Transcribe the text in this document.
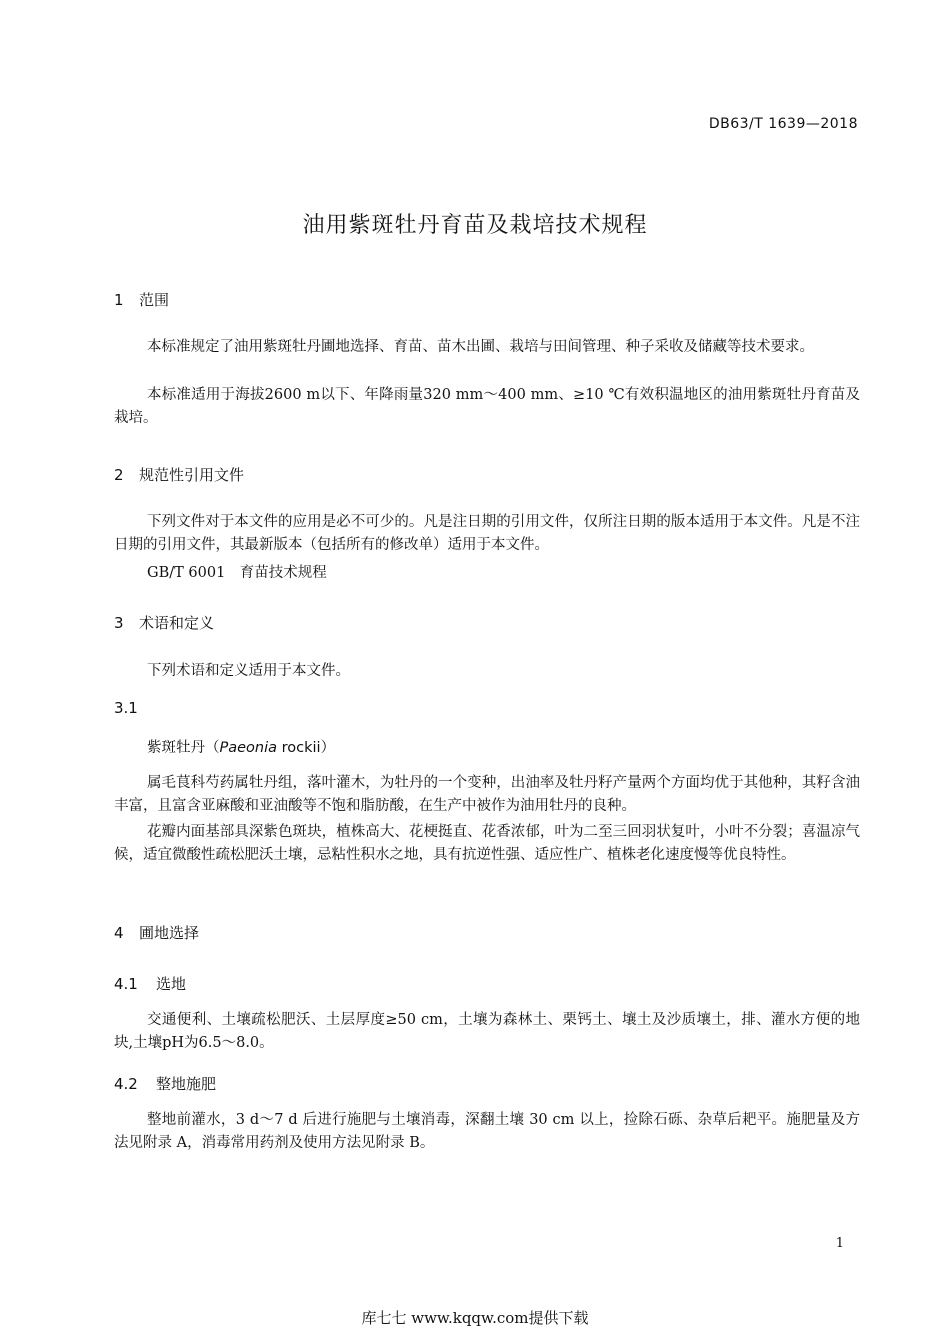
DB63/T 1639—2018
油用紫斑牡丹育苗及栽培技术规程
1 范围
本标准规定了油用紫斑牡丹圃地选择、育苗、苗木出圃、栽培与田间管理、种子采收及储藏等技术要求。
本标准适用于海拔2600 m以下、年降雨量320 mm～400 mm、≥10 ℃有效积温地区的油用紫斑牡丹育苗及栽培。
2 规范性引用文件
下列文件对于本文件的应用是必不可少的。凡是注日期的引用文件，仅所注日期的版本适用于本文件。凡是不注日期的引用文件，其最新版本（包括所有的修改单）适用于本文件。
GB/T 6001　育苗技术规程
3 术语和定义
下列术语和定义适用于本文件。
3.1
紫斑牡丹（Paeonia rockii）
属毛茛科芍药属牡丹组，落叶灌木，为牡丹的一个变种，出油率及牡丹籽产量两个方面均优于其他种，其籽含油丰富，且富含亚麻酸和亚油酸等不饱和脂肪酸，在生产中被作为油用牡丹的良种。
花瓣内面基部具深紫色斑块，植株高大、花梗挺直、花香浓郁，叶为二至三回羽状复叶，小叶不分裂；喜温凉气候，适宜微酸性疏松肥沃土壤，忌粘性积水之地，具有抗逆性强、适应性广、植株老化速度慢等优良特性。
4 圃地选择
4.1 选地
交通便利、土壤疏松肥沃、土层厚度≥50 cm，土壤为森林土、栗钙土、壤土及沙质壤土，排、灌水方便的地块,土壤pH为6.5～8.0。
4.2 整地施肥
整地前灌水，3 d～7 d 后进行施肥与土壤消毒，深翻土壤 30 cm 以上，捡除石砾、杂草后耙平。施肥量及方法见附录 A，消毒常用药剂及使用方法见附录 B。
1
库七七 www.kqqw.com提供下载
